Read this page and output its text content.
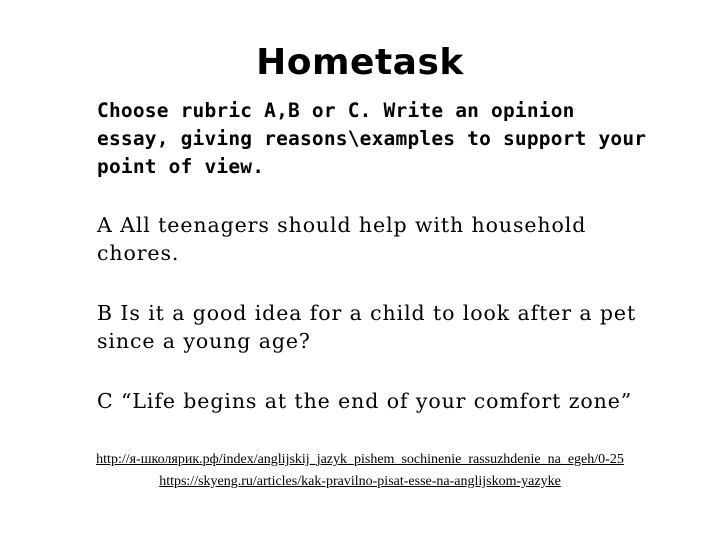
Hometask

Choose rubric A,B or C. Write an opinion essay, giving reasons\examples to support your point of view.

A All teenagers should help with household chores.

B Is it a good idea for a child to look after a pet since a young age?

C “Life begins at the end of your comfort zone”

http://я-школярик.рф/index/anglijskij_jazyk_pishem_sochinenie_rassuzhdenie_na_egeh/0-25
https://skyeng.ru/articles/kak-pravilno-pisat-esse-na-anglijskom-yazyke
